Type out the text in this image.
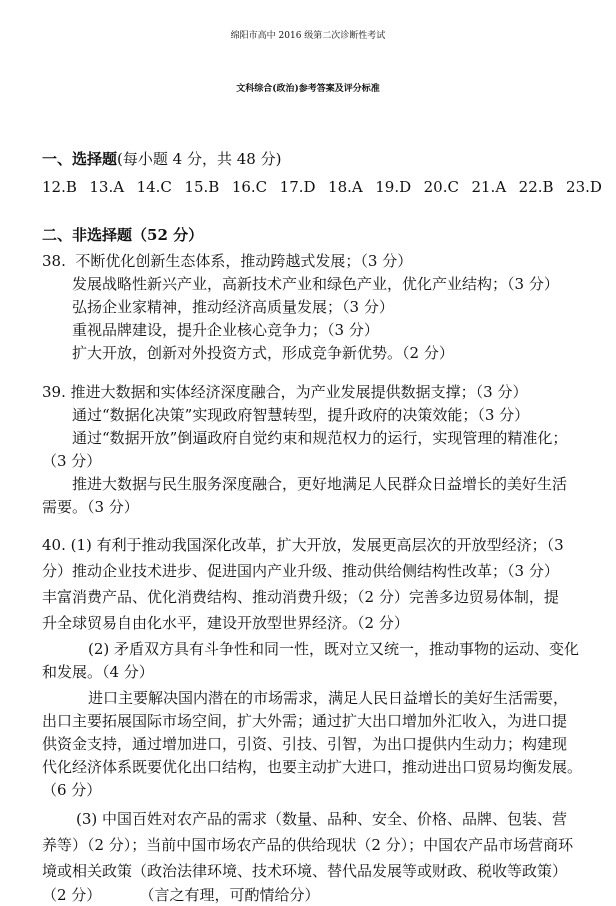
绵阳市高中 2016 级第二次诊断性考试
文科综合(政治)参考答案及评分标准
一、选择题(每小题 4 分，共 48 分)
12.B 13.A 14.C 15.B 16.C 17.D 18.A 19.D 20.C 21.A 22.B 23.D
二、非选择题（52 分）
38.  不断优化创新生态体系，推动跨越式发展；（3 分）
发展战略性新兴产业，高新技术产业和绿色产业，优化产业结构；（3 分）
弘扬企业家精神，推动经济高质量发展；（3 分）
重视品牌建设，提升企业核心竞争力；（3 分）
扩大开放，创新对外投资方式，形成竞争新优势。（2 分）
39. 推进大数据和实体经济深度融合，为产业发展提供数据支撑；（3 分）
通过“数据化决策”实现政府智慧转型，提升政府的决策效能；（3 分）
通过“数据开放”倒逼政府自觉约束和规范权力的运行，实现管理的精准化；
（3 分）
推进大数据与民生服务深度融合，更好地满足人民群众日益增长的美好生活
需要。（3 分）
40. (1) 有利于推动我国深化改革，扩大开放，发展更高层次的开放型经济；（3
分）推动企业技术进步、促进国内产业升级、推动供给侧结构性改革；（3 分）
丰富消费产品、优化消费结构、推动消费升级；（2 分）完善多边贸易体制，提
升全球贸易自由化水平，建设开放型世界经济。（2 分）
(2) 矛盾双方具有斗争性和同一性，既对立又统一，推动事物的运动、变化
和发展。（4 分）
进口主要解决国内潜在的市场需求，满足人民日益增长的美好生活需要，
出口主要拓展国际市场空间，扩大外需；通过扩大出口增加外汇收入，为进口提
供资金支持，通过增加进口，引资、引技、引智，为出口提供内生动力；构建现
代化经济体系既要优化出口结构，也要主动扩大进口，推动进出口贸易均衡发展。
（6 分）
(3) 中国百姓对农产品的需求（数量、品种、安全、价格、品牌、包装、营
养等）（2 分）；当前中国市场农产品的供给现状（2 分）；中国农产品市场营商环
境或相关政策（政治法律环境、技术环境、替代品发展等或财政、税收等政策）
（2 分）        （言之有理，可酌情给分）
